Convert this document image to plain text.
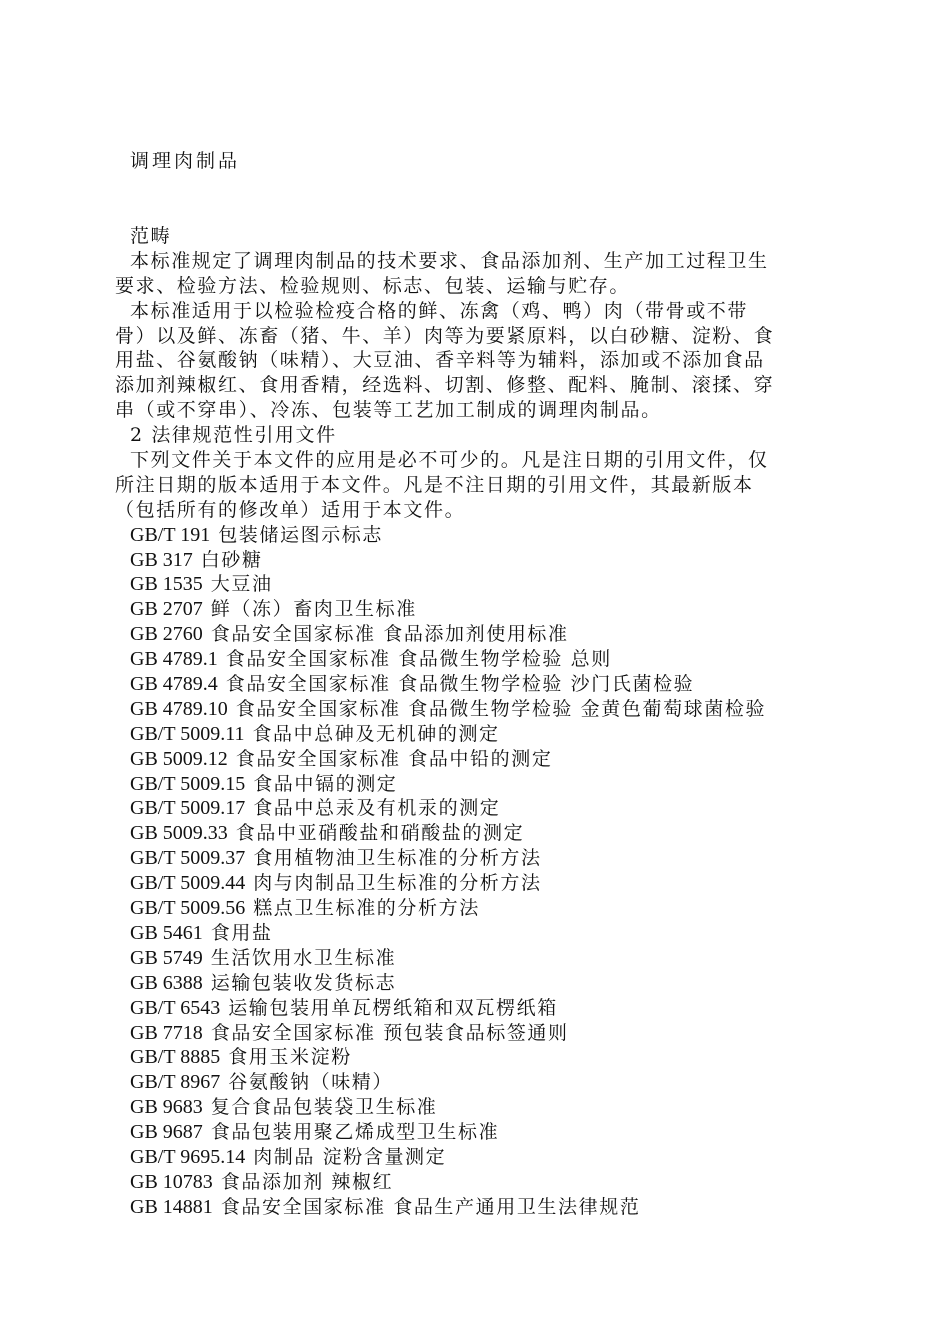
调理肉制品
范畴
本标准规定了调理肉制品的技术要求、食品添加剂、生产加工过程卫生
要求、检验方法、检验规则、标志、包装、运输与贮存。
本标准适用于以检验检疫合格的鲜、冻禽（鸡、鸭）肉（带骨或不带
骨）以及鲜、冻畜（猪、牛、羊）肉等为要紧原料，以白砂糖、淀粉、食
用盐、谷氨酸钠（味精）、大豆油、香辛料等为辅料，添加或不添加食品
添加剂辣椒红、食用香精，经选料、切割、修整、配料、腌制、滚揉、穿
串（或不穿串）、冷冻、包装等工艺加工制成的调理肉制品。
2 法律规范性引用文件
下列文件关于本文件的应用是必不可少的。凡是注日期的引用文件，仅
所注日期的版本适用于本文件。凡是不注日期的引用文件，其最新版本
（包括所有的修改单）适用于本文件。
GB/T 191 包装储运图示标志
GB 317 白砂糖
GB 1535 大豆油
GB 2707 鲜（冻）畜肉卫生标准
GB 2760 食品安全国家标准 食品添加剂使用标准
GB 4789.1 食品安全国家标准 食品微生物学检验 总则
GB 4789.4 食品安全国家标准 食品微生物学检验 沙门氏菌检验
GB 4789.10 食品安全国家标准 食品微生物学检验 金黄色葡萄球菌检验
GB/T 5009.11 食品中总砷及无机砷的测定
GB 5009.12 食品安全国家标准 食品中铅的测定
GB/T 5009.15 食品中镉的测定
GB/T 5009.17 食品中总汞及有机汞的测定
GB 5009.33 食品中亚硝酸盐和硝酸盐的测定
GB/T 5009.37 食用植物油卫生标准的分析方法
GB/T 5009.44 肉与肉制品卫生标准的分析方法
GB/T 5009.56 糕点卫生标准的分析方法
GB 5461 食用盐
GB 5749 生活饮用水卫生标准
GB 6388 运输包装收发货标志
GB/T 6543 运输包装用单瓦楞纸箱和双瓦楞纸箱
GB 7718 食品安全国家标准 预包装食品标签通则
GB/T 8885 食用玉米淀粉
GB/T 8967 谷氨酸钠（味精）
GB 9683 复合食品包装袋卫生标准
GB 9687 食品包装用聚乙烯成型卫生标准
GB/T 9695.14 肉制品 淀粉含量测定
GB 10783 食品添加剂 辣椒红
GB 14881 食品安全国家标准 食品生产通用卫生法律规范
